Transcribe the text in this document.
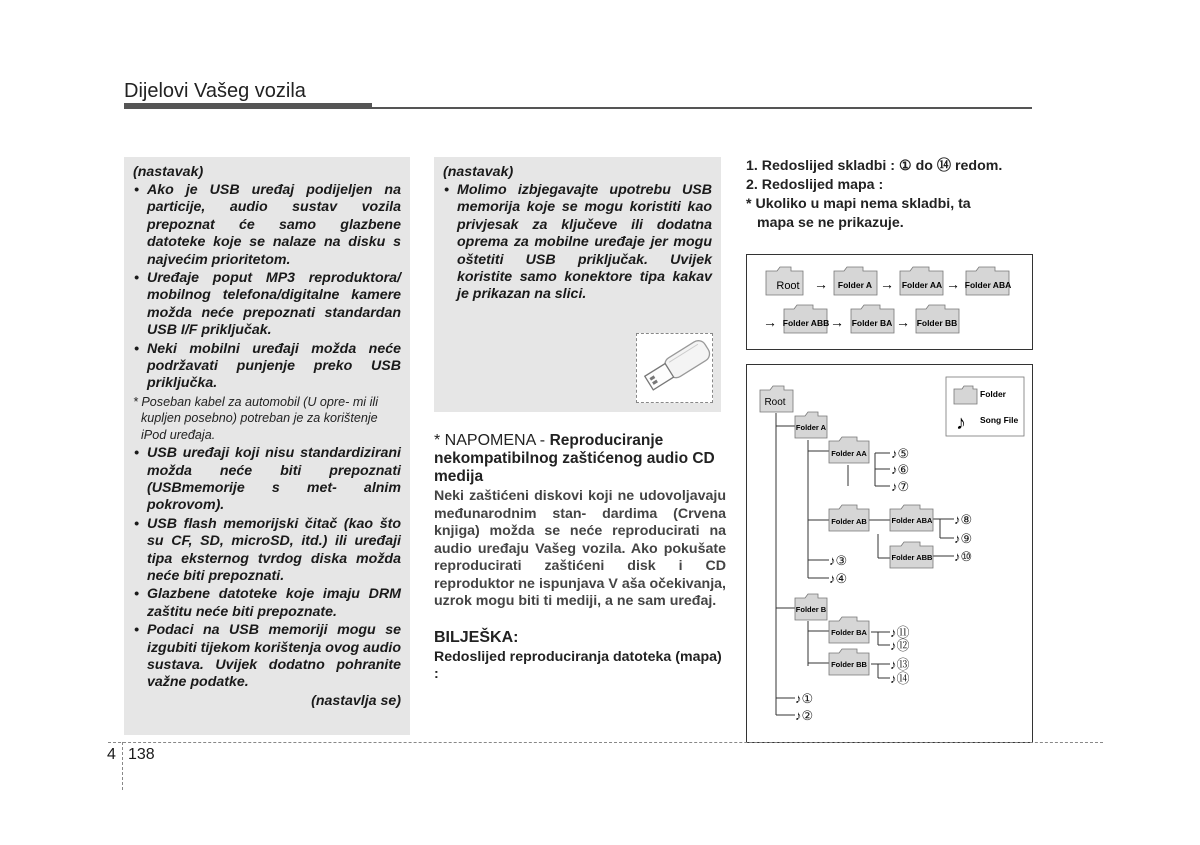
Dijelovi Vašeg vozila
(nastavak)
• Ako je USB uređaj podijeljen na particije, audio sustav vozila prepoznat će samo glazbene datoteke koje se nalaze na disku s najvećim prioritetom.
• Uređaje poput MP3 reproduktora/ mobilnog telefona/digitalne kamere možda neće prepoznati standardan USB I/F priključak.
• Neki mobilni uređaji možda neće podržavati punjenje preko USB priključka.
* Poseban kabel za automobil (U opre- mi ili kupljen posebno) potreban je za korištenje iPod uređaja.
• USB uređaji koji nisu standardizirani možda neće biti prepoznati (USBmemorije s met- alnim pokrovom).
• USB flash memorijski čitač (kao što su CF, SD, microSD, itd.) ili uređaji tipa eksternog tvrdog diska možda neće biti prepoznati.
• Glazbene datoteke koje imaju DRM zaštitu neće biti prepoznate.
• Podaci na USB memoriji mogu se izgubiti tijekom korištenja ovog audio sustava. Uvijek dodatno pohranite važne podatke.
(nastavlja se)
(nastavak)
• Molimo izbjegavajte upotrebu USB memorija koje se mogu koristiti kao privjesak za ključeve ili dodatna oprema za mobilne uređaje jer mogu oštetiti USB priključak. Uvijek koristite samo konektore tipa kakav je prikazan na slici.
* NAPOMENA - Reproduciranje nekompatibilnog zaštićenog audio CD medija
Neki zaštićeni diskovi koji ne udovoljavaju međunarodnim stan- dardima (Crvena knjiga) možda se neće reproducirati na audio uređaju Vašeg vozila. Ako pokušate reproducirati zaštićeni disk i CD reproduktor ne ispunjava V aša očekivanja, uzrok mogu biti ti mediji, a ne sam uređaj.
BILJEŠKA:
Redoslijed reproduciranja datoteka (mapa) :
1. Redoslijed skladbi : ① do ⑭ redom.
2. Redoslijed mapa :
* Ukoliko u mapi nema skladbi, ta
mapa se ne prikazuje.
Root → Folder A → Folder AA → Folder ABA
→ Folder ABB → Folder BA → Folder BB
Folder
♪ Song File
Root
Folder A
Folder AA
Folder AB	Folder ABA
Folder ABB
Folder B
Folder BA
Folder BB
♪⑤
♪⑥
♪⑦
♪⑧
♪⑨
♪⑩
♪③
♪④
♪⑪
♪⑫
♪⑬
♪⑭
♪①
♪②
4 138
